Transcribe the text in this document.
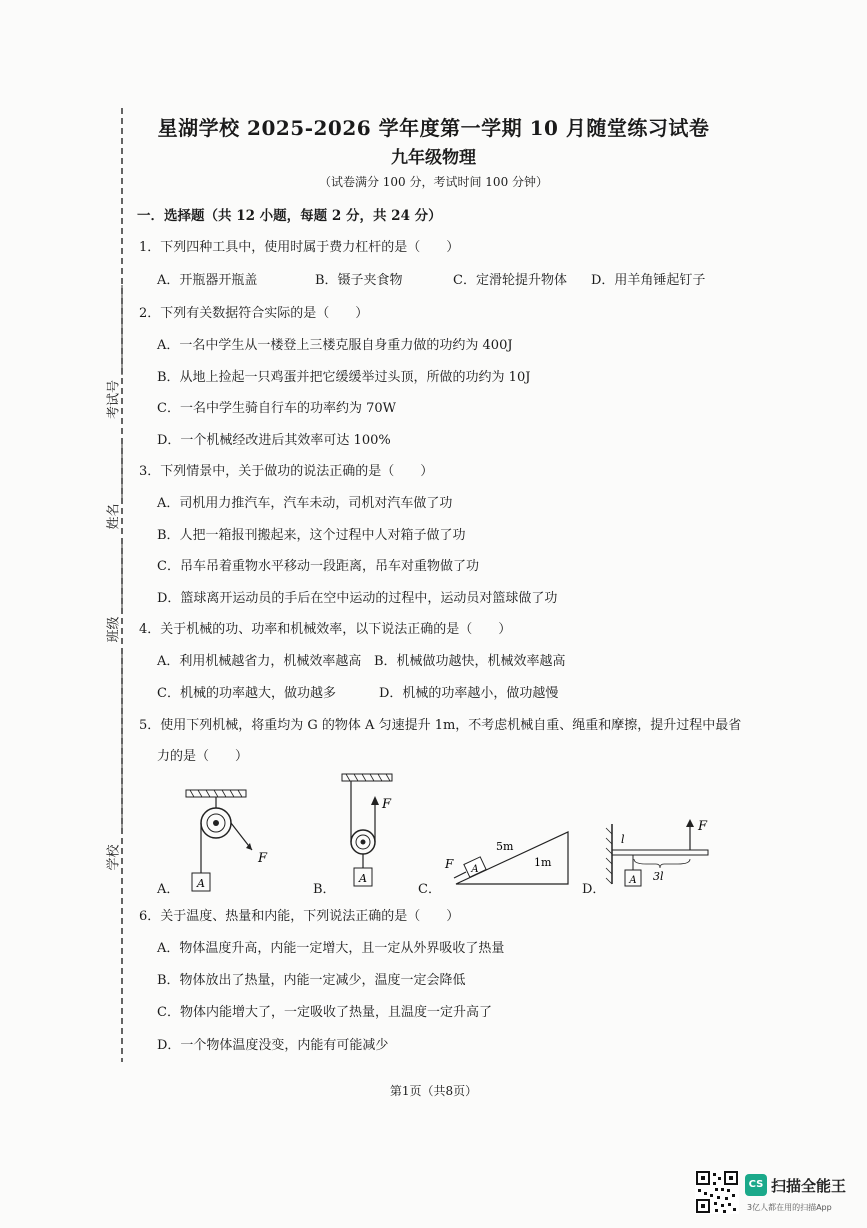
考试号
姓名
班级
学校
星湖学校 2025-2026 学年度第一学期 10 月随堂练习试卷
九年级物理
（试卷满分 100 分，考试时间 100 分钟）
一．选择题（共 12 小题，每题 2 分，共 24 分）
1．下列四种工具中，使用时属于费力杠杆的是（　　）
A．开瓶器开瓶盖	B．镊子夹食物	C．定滑轮提升物体 D．用羊角锤起钉子
2．下列有关数据符合实际的是（　　）
A．一名中学生从一楼登上三楼克服自身重力做的功约为 400J
B．从地上捡起一只鸡蛋并把它缓缓举过头顶，所做的功约为 10J
C．一名中学生骑自行车的功率约为 70W
D．一个机械经改进后其效率可达 100%
3．下列情景中，关于做功的说法正确的是（　　）
A．司机用力推汽车，汽车未动，司机对汽车做了功
B．人把一箱报刊搬起来，这个过程中人对箱子做了功
C．吊车吊着重物水平移动一段距离，吊车对重物做了功
D．篮球离开运动员的手后在空中运动的过程中，运动员对篮球做了功
4．关于机械的功、功率和机械效率，以下说法正确的是（　　）
A．利用机械越省力，机械效率越高 B．机械做功越快，机械效率越高
C．机械的功率越大，做功越多	D．机械的功率越小，做功越慢
5．使用下列机械，将重均为 G 的物体 A 匀速提升 1m，不考虑机械自重、绳重和摩擦，提升过程中最省
力的是（　　）
A．	B．	C．	D．
A
F
A
F
A
F
5m
1m
A
F
l
3l
6．关于温度、热量和内能，下列说法正确的是（　　）
A．物体温度升高，内能一定增大，且一定从外界吸收了热量
B．物体放出了热量，内能一定减少，温度一定会降低
C．物体内能增大了，一定吸收了热量，且温度一定升高了
D．一个物体温度没变，内能有可能减少
第1页（共8页）
CS 扫描全能王
3亿人都在用的扫描App
